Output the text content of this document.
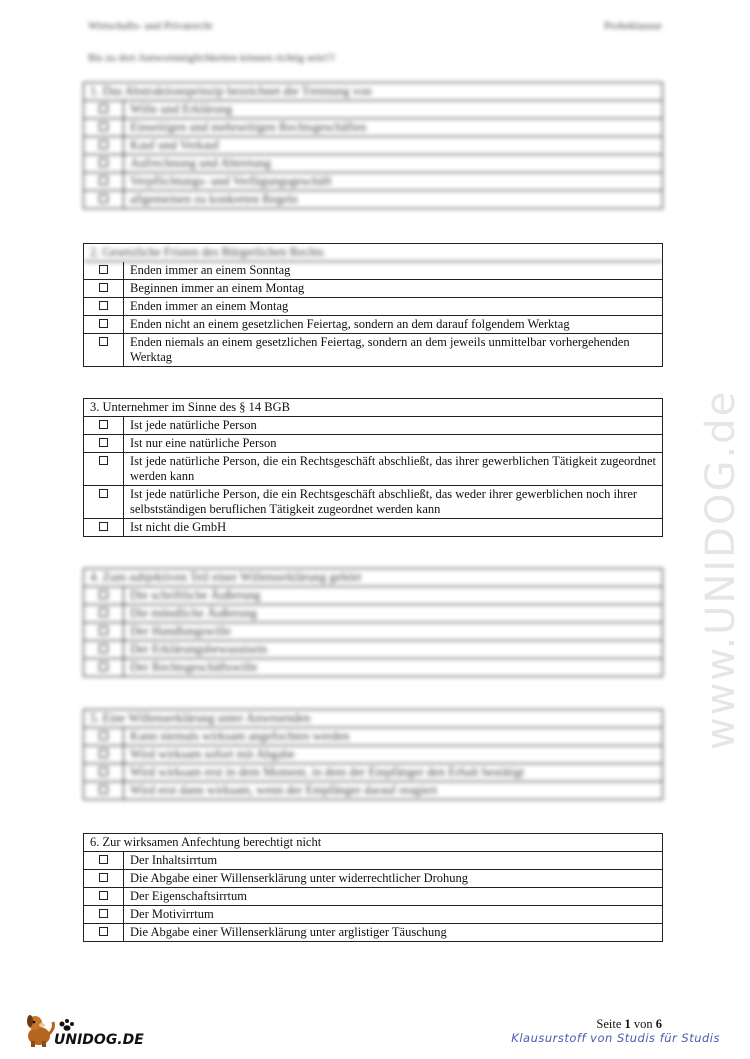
www.UNIDOG.de
Wirtschafts- und Privatrecht	Probeklausur
Bis zu drei Antwortmöglichkeiten können richtig sein!!!
1. Das Abstraktionsprinzip bezeichnet die Trennung von
Wille und Erklärung
Einseitigen und mehrseitigen Rechtsgeschäften
Kauf und Verkauf
Aufrechnung und Abtretung
Verpflichtungs- und Verfügungsgeschäft
allgemeinen zu konkreten Regeln
2. Gesetzliche Fristen des Bürgerlichen Rechts
Enden immer an einem Sonntag
Beginnen immer an einem Montag
Enden immer an einem Montag
Enden nicht an einem gesetzlichen Feiertag, sondern an dem darauf folgendem Werktag
Enden niemals an einem gesetzlichen Feiertag, sondern an dem jeweils unmittelbar vorhergehenden Werktag
3. Unternehmer im Sinne des § 14 BGB
Ist jede natürliche Person
Ist nur eine natürliche Person
Ist jede natürliche Person, die ein Rechtsgeschäft abschließt, das ihrer gewerblichen Tätigkeit zugeordnet werden kann
Ist jede natürliche Person, die ein Rechtsgeschäft abschließt, das weder ihrer gewerblichen noch ihrer selbstständigen beruflichen Tätigkeit zugeordnet werden kann
Ist nicht die GmbH
4. Zum subjektiven Teil einer Willenserklärung gehört
Die schriftliche Äußerung
Die mündliche Äußerung
Der Handlungswille
Der Erklärungsbewusstsein
Der Rechtsgeschäftswille
5. Eine Willenserklärung unter Anwesenden
Kann niemals wirksam angefochten werden
Wird wirksam sofort mit Abgabe
Wird wirksam erst in dem Moment, in dem der Empfänger den Erhalt bestätigt
Wird erst dann wirksam, wenn der Empfänger darauf reagiert
6. Zur wirksamen Anfechtung berechtigt nicht
Der Inhaltsirrtum
Die Abgabe einer Willenserklärung unter widerrechtlicher Drohung
Der Eigenschaftsirrtum
Der Motivirrtum
Die Abgabe einer Willenserklärung unter arglistiger Täuschung
UNIDOG.DE
Seite 1 von 6
Klausurstoff von Studis für Studis
